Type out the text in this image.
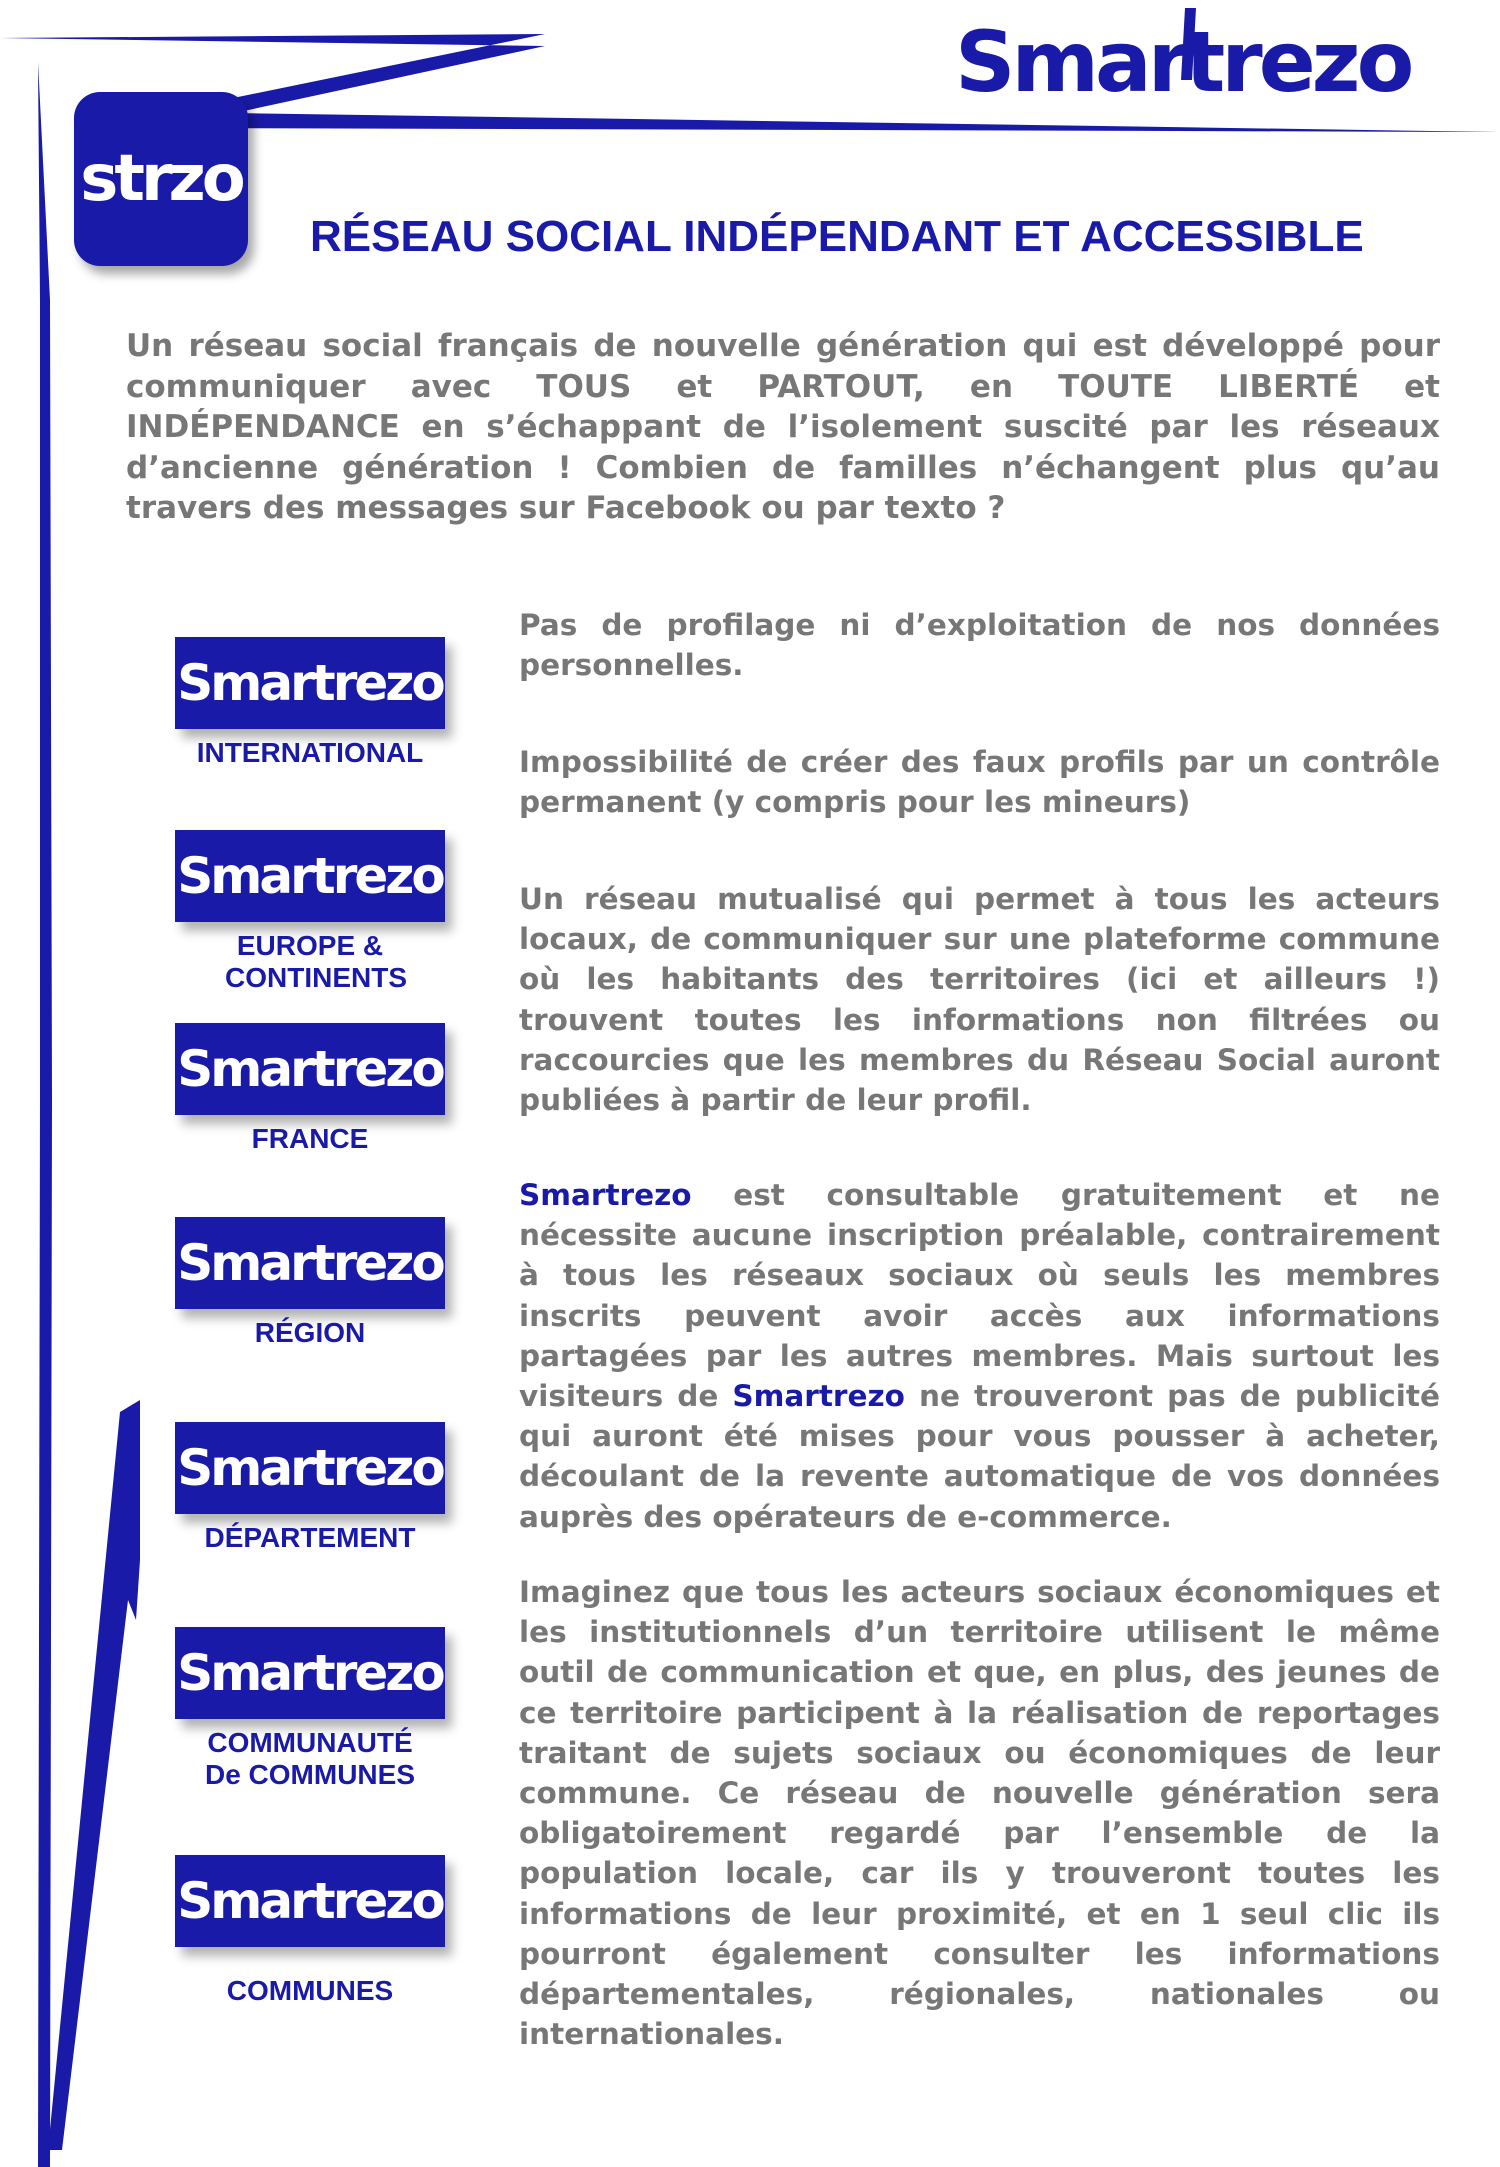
Smartrezo
strzo
RÉSEAU SOCIAL INDÉPENDANT ET ACCESSIBLE

Un réseau social français de nouvelle génération qui est développé pour communiquer avec TOUS et PARTOUT, en TOUTE LIBERTÉ et INDÉPENDANCE en s’échappant de l’isolement suscité par les réseaux d’ancienne génération ! Combien de familles n’échangent plus qu’au travers des messages sur Facebook ou par texto ?

Smartrezo
INTERNATIONAL
Smartrezo
EUROPE & CONTINENTS
Smartrezo
FRANCE
Smartrezo
RÉGION
Smartrezo
DÉPARTEMENT
Smartrezo
COMMUNAUTÉ De COMMUNES
Smartrezo
COMMUNES

Pas de profilage ni d’exploitation de nos données personnelles.

Impossibilité de créer des faux profils par un contrôle permanent (y compris pour les mineurs)

Un réseau mutualisé qui permet à tous les acteurs locaux, de communiquer sur une plateforme commune où les habitants des territoires (ici et ailleurs !) trouvent toutes les informations non filtrées ou raccourcies que les membres du Réseau Social auront publiées à partir de leur profil.

Smartrezo est consultable gratuitement et ne nécessite aucune inscription préalable, contrairement à tous les réseaux sociaux où seuls les membres inscrits peuvent avoir accès aux informations partagées par les autres membres. Mais surtout les visiteurs de Smartrezo ne trouveront pas de publicité qui auront été mises pour vous pousser à acheter, découlant de la revente automatique de vos données auprès des opérateurs de e-commerce.

Imaginez que tous les acteurs sociaux économiques et les institutionnels d’un territoire utilisent le même outil de communication et que, en plus, des jeunes de ce territoire participent à la réalisation de reportages traitant de sujets sociaux ou économiques de leur commune. Ce réseau de nouvelle génération sera obligatoirement regardé par l’ensemble de la population locale, car ils y trouveront toutes les informations de leur proximité, et en 1 seul clic ils pourront également consulter les informations départementales, régionales, nationales ou internationales.
